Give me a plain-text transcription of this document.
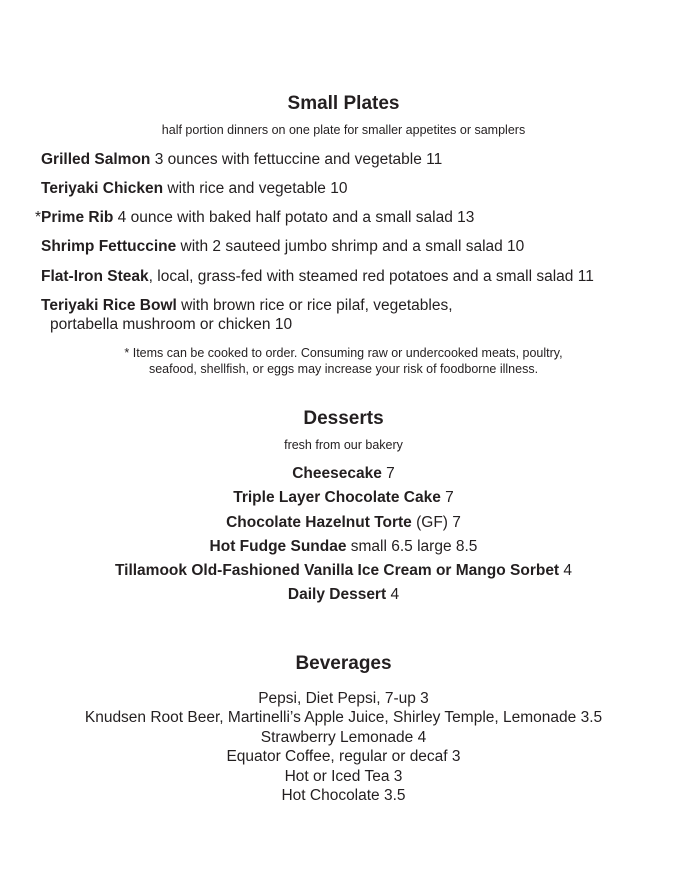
Small Plates

half portion dinners on one plate for smaller appetites or samplers

Grilled Salmon 3 ounces with fettuccine and vegetable 11
Teriyaki Chicken with rice and vegetable 10
* Prime Rib 4 ounce with baked half potato and a small salad 13
Shrimp Fettuccine with 2 sauteed jumbo shrimp and a small salad 10
Flat-Iron Steak, local, grass-fed with steamed red potatoes and a small salad 11
Teriyaki Rice Bowl with brown rice or rice pilaf, vegetables,
portabella mushroom or chicken 10
* Items can be cooked to order. Consuming raw or undercooked meats, poultry,
seafood, shellfish, or eggs may increase your risk of foodborne illness.
Desserts

fresh from our bakery

Cheesecake 7
Triple Layer Chocolate Cake 7
Chocolate Hazelnut Torte (GF) 7
Hot Fudge Sundae small 6.5 large 8.5
Tillamook Old-Fashioned Vanilla Ice Cream or Mango Sorbet 4
Daily Dessert 4
Beverages
Pepsi, Diet Pepsi, 7-up 3
Knudsen Root Beer, Martinelli’s Apple Juice, Shirley Temple, Lemonade 3.5
Strawberry Lemonade 4
Equator Coffee, regular or decaf 3
Hot or Iced Tea 3
Hot Chocolate 3.5
